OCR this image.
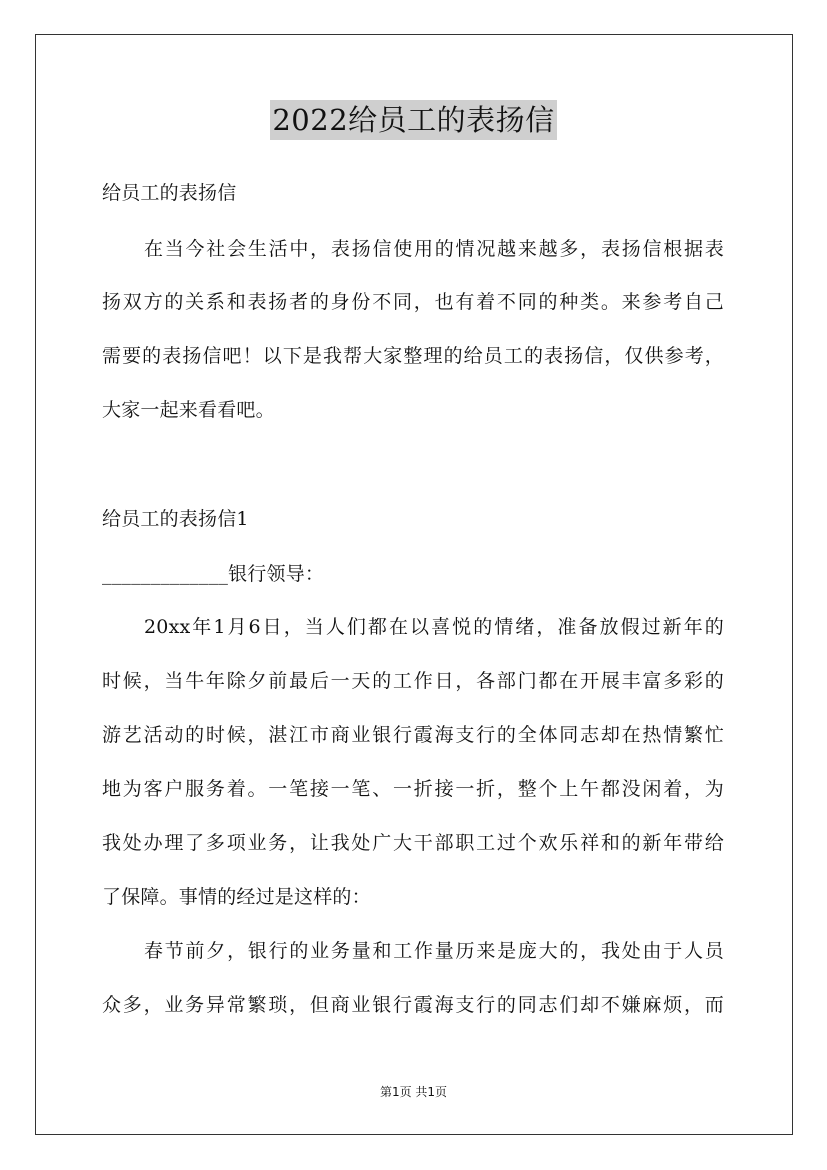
2022给员工的表扬信
给员工的表扬信
在当今社会生活中，表扬信使用的情况越来越多，表扬信根据表
扬双方的关系和表扬者的身份不同，也有着不同的种类。来参考自己
需要的表扬信吧！以下是我帮大家整理的给员工的表扬信，仅供参考，
大家一起来看看吧。
给员工的表扬信1
_____________银行领导：
20xx年1月6日，当人们都在以喜悦的情绪，准备放假过新年的
时候，当牛年除夕前最后一天的工作日，各部门都在开展丰富多彩的
游艺活动的时候，湛江市商业银行霞海支行的全体同志却在热情繁忙
地为客户服务着。一笔接一笔、一折接一折，整个上午都没闲着，为
我处办理了多项业务，让我处广大干部职工过个欢乐祥和的新年带给
了保障。事情的经过是这样的：
春节前夕，银行的业务量和工作量历来是庞大的，我处由于人员
众多，业务异常繁琐，但商业银行霞海支行的同志们却不嫌麻烦，而
第1页 共1页
